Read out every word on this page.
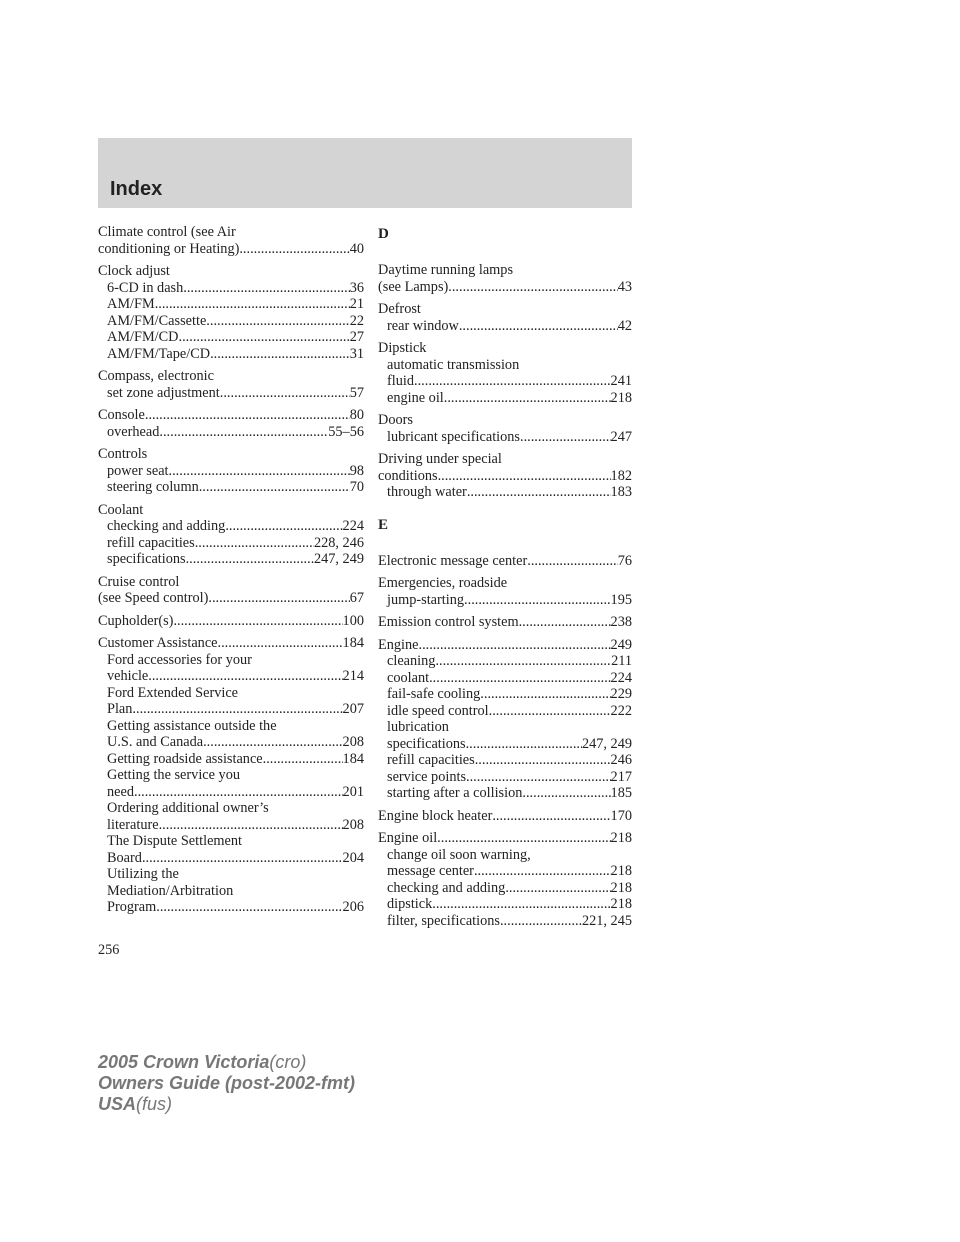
Index
Climate control (see Air
conditioning or Heating) .....	40
Clock adjust
6-CD in dash .....	36
AM/FM .....	21
AM/FM/Cassette .....	22
AM/FM/CD .....	27
AM/FM/Tape/CD .....	31
Compass, electronic
set zone adjustment .....	57
Console .....	80
overhead .....	55–56
Controls
power seat .....	98
steering column .....	70
Coolant
checking and adding .....	224
refill capacities .....	228, 246
specifications .....	247, 249
Cruise control
(see Speed control) .....	67
Cupholder(s) .....	100
Customer Assistance .....	184
Ford accessories for your
vehicle .....	214
Ford Extended Service
Plan .....	207
Getting assistance outside the
U.S. and Canada .....	208
Getting roadside assistance .....	184
Getting the service you
need .....	201
Ordering additional owner’s
literature .....	208
The Dispute Settlement
Board .....	204
Utilizing the
Mediation/Arbitration
Program .....	206
D
Daytime running lamps
(see Lamps) .....	43
Defrost
rear window .....	42
Dipstick
automatic transmission
fluid .....	241
engine oil .....	218
Doors
lubricant specifications .....	247
Driving under special
conditions .....	182
through water .....	183
E
Electronic message center .....	76
Emergencies, roadside
jump-starting .....	195
Emission control system .....	238
Engine .....	249
cleaning .....	211
coolant .....	224
fail-safe cooling .....	229
idle speed control .....	222
lubrication
specifications .....	247, 249
refill capacities .....	246
service points .....	217
starting after a collision .....	185
Engine block heater .....	170
Engine oil .....	218
change oil soon warning,
message center .....	218
checking and adding .....	218
dipstick .....	218
filter, specifications .....	221, 245
256
2005 Crown Victoria(cro)
Owners Guide (post-2002-fmt)
USA(fus)
